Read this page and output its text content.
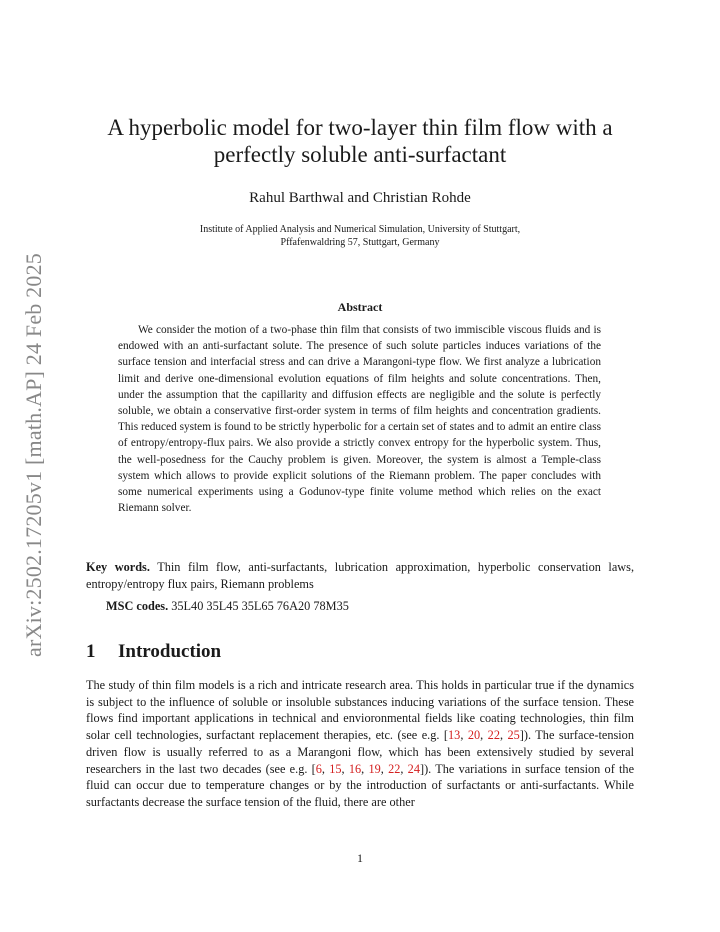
arXiv:2502.17205v1 [math.AP] 24 Feb 2025
A hyperbolic model for two-layer thin film flow with a perfectly soluble anti-surfactant
Rahul Barthwal and Christian Rohde
Institute of Applied Analysis and Numerical Simulation, University of Stuttgart,
Pffafenwaldring 57, Stuttgart, Germany
Abstract

We consider the motion of a two-phase thin film that consists of two immiscible viscous fluids and is endowed with an anti-surfactant solute. The presence of such solute particles induces variations of the surface tension and interfacial stress and can drive a Marangoni-type flow. We first analyze a lubrication limit and derive one-dimensional evolution equations of film heights and solute concentrations. Then, under the assumption that the capillarity and diffusion effects are negligible and the solute is perfectly soluble, we obtain a conservative first-order system in terms of film heights and concentration gradients. This reduced system is found to be strictly hyperbolic for a certain set of states and to admit an entire class of entropy/entropy-flux pairs. We also provide a strictly convex entropy for the hyperbolic system. Thus, the well-posedness for the Cauchy problem is given. Moreover, the system is almost a Temple-class system which allows to provide explicit solutions of the Riemann problem. The paper concludes with some numerical experiments using a Godunov-type finite volume method which relies on the exact Riemann solver.

Key words. Thin film flow, anti-surfactants, lubrication approximation, hyperbolic conservation laws, entropy/entropy flux pairs, Riemann problems

MSC codes. 35L40 35L45 35L65 76A20 78M35

1 Introduction

The study of thin film models is a rich and intricate research area. This holds in particular true if the dynamics is subject to the influence of soluble or insoluble substances inducing variations of the surface tension. These flows find important applications in technical and envioronmental fields like coating technologies, thin film solar cell technologies, surfactant replacement therapies, etc. (see e.g. [13, 20, 22, 25]). The surface-tension driven flow is usually referred to as a Marangoni flow, which has been extensively studied by several researchers in the last two decades (see e.g. [6, 15, 16, 19, 22, 24]). The variations in surface tension of the fluid can occur due to temperature changes or by the introduction of surfactants or anti-surfactants. While surfactants decrease the surface tension of the fluid, there are other

1
